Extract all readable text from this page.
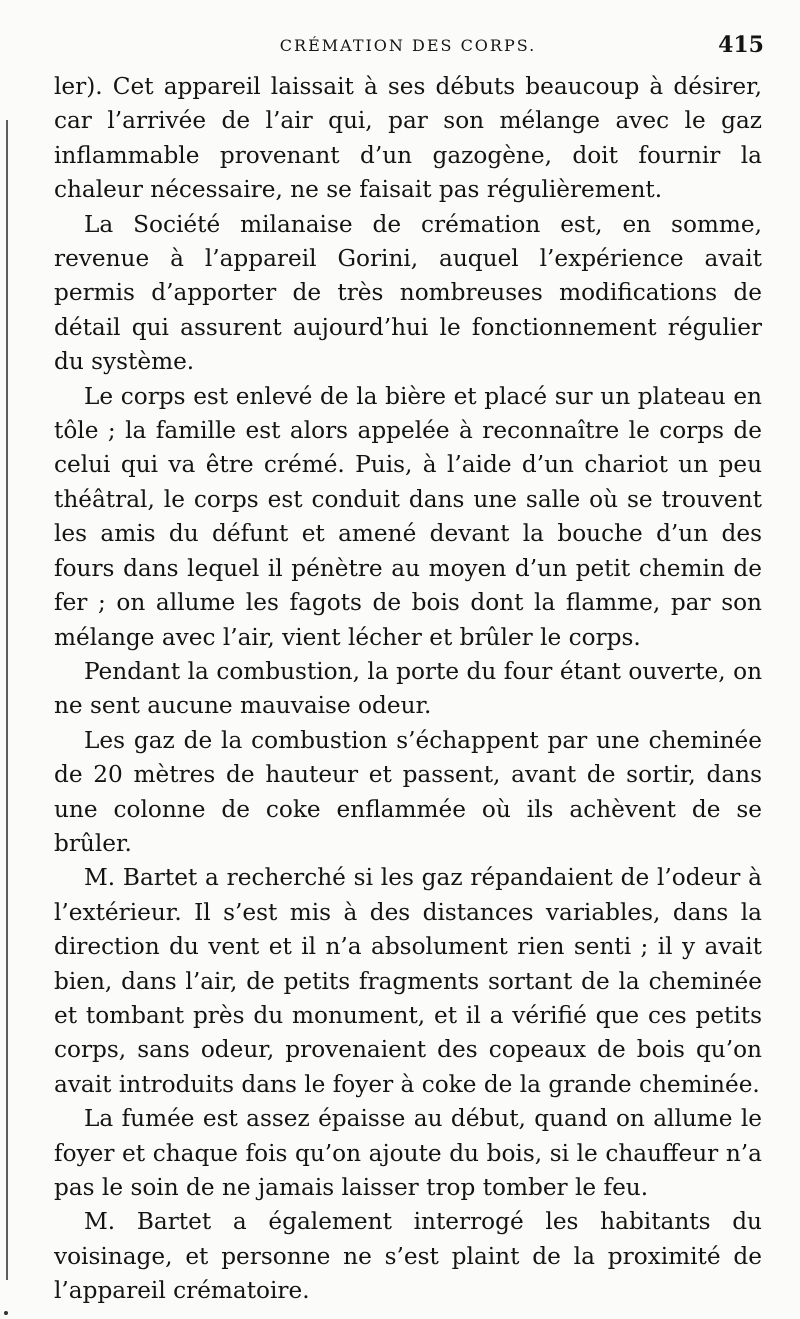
CRÉMATION DES CORPS.	415

ler). Cet appareil laissait à ses débuts beaucoup à désirer, car l’arrivée de l’air qui, par son mélange avec le gaz inflammable provenant d’un gazogène, doit fournir la chaleur nécessaire, ne se faisait pas régulièrement.

La Société milanaise de crémation est, en somme, revenue à l’appareil Gorini, auquel l’expérience avait permis d’apporter de très nombreuses modifications de détail qui assurent aujourd’hui le fonctionnement régulier du système.

Le corps est enlevé de la bière et placé sur un plateau en tôle ; la famille est alors appelée à reconnaître le corps de celui qui va être crémé. Puis, à l’aide d’un chariot un peu théâtral, le corps est conduit dans une salle où se trouvent les amis du défunt et amené devant la bouche d’un des fours dans lequel il pénètre au moyen d’un petit chemin de fer ; on allume les fagots de bois dont la flamme, par son mélange avec l’air, vient lécher et brûler le corps.

Pendant la combustion, la porte du four étant ouverte, on ne sent aucune mauvaise odeur.

Les gaz de la combustion s’échappent par une cheminée de 20 mètres de hauteur et passent, avant de sortir, dans une colonne de coke enflammée où ils achèvent de se brûler.

M. Bartet a recherché si les gaz répandaient de l’odeur à l’extérieur. Il s’est mis à des distances variables, dans la direction du vent et il n’a absolument rien senti ; il y avait bien, dans l’air, de petits fragments sortant de la cheminée et tombant près du monument, et il a vérifié que ces petits corps, sans odeur, provenaient des copeaux de bois qu’on avait introduits dans le foyer à coke de la grande cheminée.

La fumée est assez épaisse au début, quand on allume le foyer et chaque fois qu’on ajoute du bois, si le chauffeur n’a pas le soin de ne jamais laisser trop tomber le feu.

M. Bartet a également interrogé les habitants du voisinage, et personne ne s’est plaint de la proximité de l’appareil crématoire.
